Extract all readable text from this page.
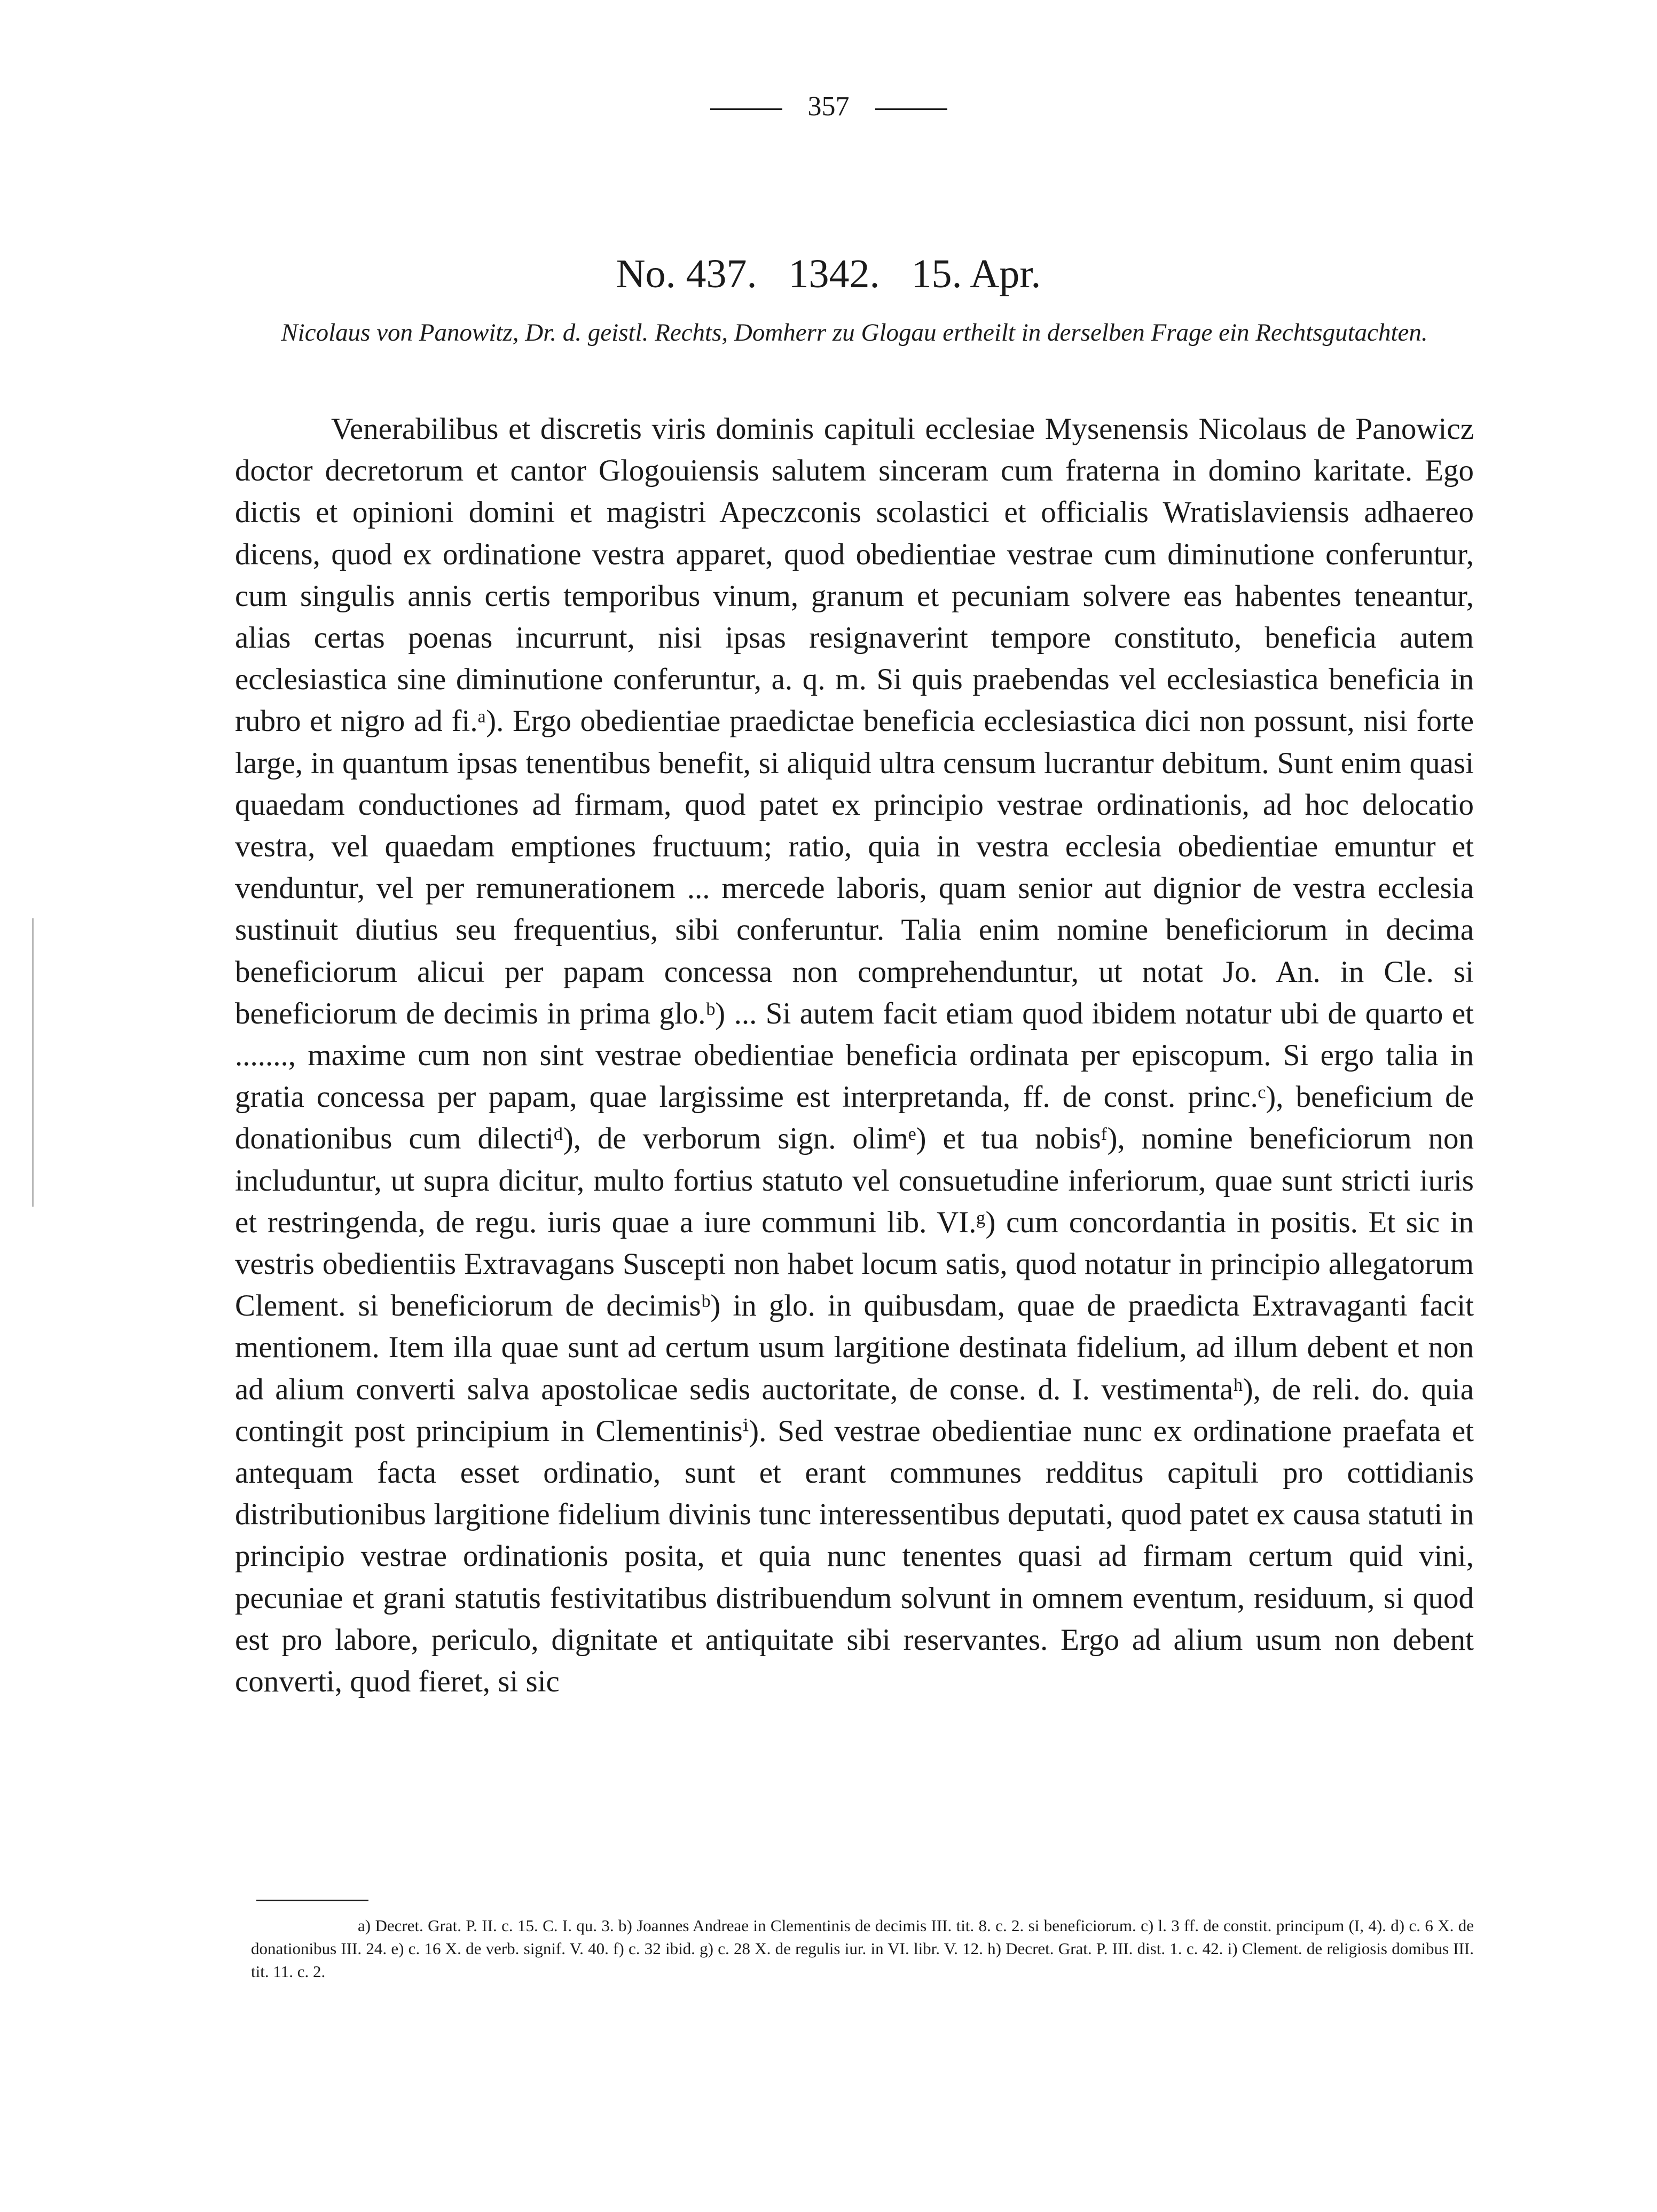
357
No. 437. 1342. 15. Apr.
Nicolaus von Panowitz, Dr. d. geistl. Rechts, Domherr zu Glogau ertheilt in derselben Frage ein Rechtsgutachten.

Venerabilibus et discretis viris dominis capituli ecclesiae Mysenensis Nicolaus de Panowicz doctor decretorum et cantor Glogouiensis salutem sinceram cum fraterna in domino karitate. Ego dictis et opinioni domini et magistri Apeczconis scolastici et officialis Wratislaviensis adhaereo dicens, quod ex ordinatione vestra apparet, quod obedientiae vestrae cum diminutione conferuntur, cum singulis annis certis temporibus vinum, granum et pecuniam solvere eas habentes teneantur, alias certas poenas incurrunt, nisi ipsas resignaverint tempore constituto, beneficia autem ecclesiastica sine diminutione conferuntur, a. q. m. Si quis praebendas vel ecclesiastica beneficia in rubro et nigro ad fi.ᵃ). Ergo obedientiae praedictae beneficia ecclesiastica dici non possunt, nisi forte large, in quantum ipsas tenentibus benefit, si aliquid ultra censum lucrantur debitum. Sunt enim quasi quaedam conductiones ad firmam, quod patet ex principio vestrae ordinationis, ad hoc delocatio vestra, vel quaedam emptiones fructuum; ratio, quia in vestra ecclesia obedientiae emuntur et venduntur, vel per remunerationem ... mercede laboris, quam senior aut dignior de vestra ecclesia sustinuit diutius seu frequentius, sibi conferuntur. Talia enim nomine beneficiorum in decima beneficiorum alicui per papam concessa non comprehenduntur, ut notat Jo. An. in Cle. si beneficiorum de decimis in prima glo.ᵇ) ... Si autem facit etiam quod ibidem notatur ubi de quarto et ......., maxime cum non sint vestrae obedientiae beneficia ordinata per episcopum. Si ergo talia in gratia concessa per papam, quae largissime est interpretanda, ff. de const. princ.ᶜ), beneficium de donationibus cum dilectiᵈ), de verborum sign. olimᵉ) et tua nobisᶠ), nomine beneficiorum non includuntur, ut supra dicitur, multo fortius statuto vel consuetudine inferiorum, quae sunt stricti iuris et restringenda, de regu. iuris quae a iure communi lib. VI.ᵍ) cum concordantia in positis. Et sic in vestris obedientiis Extravagans Suscepti non habet locum satis, quod notatur in principio allegatorum Clement. si beneficiorum de decimisᵇ) in glo. in quibusdam, quae de praedicta Extravaganti facit mentionem. Item illa quae sunt ad certum usum largitione destinata fidelium, ad illum debent et non ad alium converti salva apostolicae sedis auctoritate, de conse. d. I. vestimentaʰ), de reli. do. quia contingit post principium in Clementinisⁱ). Sed vestrae obedientiae nunc ex ordinatione praefata et antequam facta esset ordinatio, sunt et erant communes redditus capituli pro cottidianis distributionibus largitione fidelium divinis tunc interessentibus deputati, quod patet ex causa statuti in principio vestrae ordinationis posita, et quia nunc tenentes quasi ad firmam certum quid vini, pecuniae et grani statutis festivitatibus distribuendum solvunt in omnem eventum, residuum, si quod est pro labore, periculo, dignitate et antiquitate sibi reservantes. Ergo ad alium usum non debent converti, quod fieret, si sic

a) Decret. Grat. P. II. c. 15. C. I. qu. 3. b) Joannes Andreae in Clementinis de decimis III. tit. 8. c. 2. si beneficiorum. c) l. 3 ff. de constit. principum (I, 4). d) c. 6 X. de donationibus III. 24. e) c. 16 X. de verb. signif. V. 40. f) c. 32 ibid. g) c. 28 X. de regulis iur. in VI. libr. V. 12. h) Decret. Grat. P. III. dist. 1. c. 42. i) Clement. de religiosis domibus III. tit. 11. c. 2.
